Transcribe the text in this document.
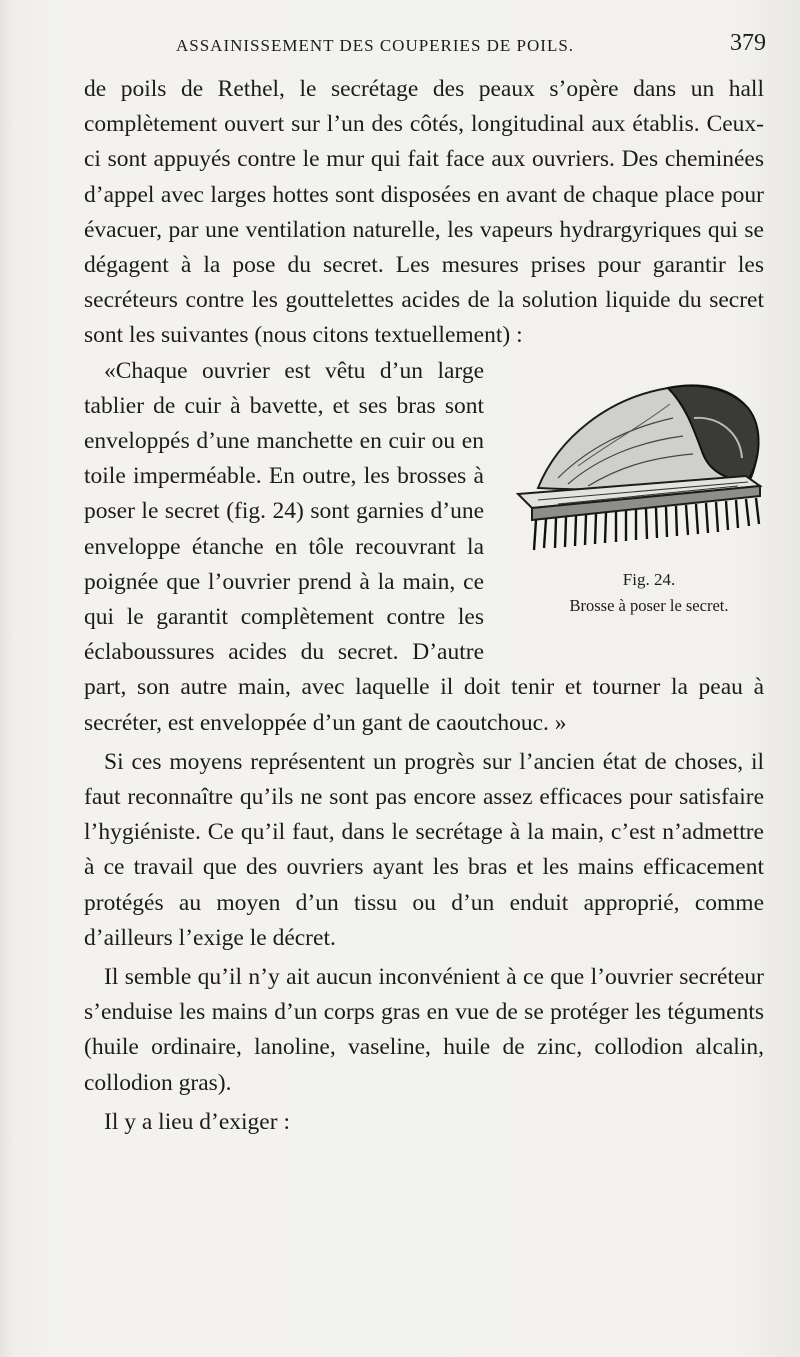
ASSAINISSEMENT DES COUPERIES DE POILS.	379

de poils de Rethel, le secrétage des peaux s’opère dans un hall complètement ouvert sur l’un des côtés, longitudinal aux établis. Ceux-ci sont appuyés contre le mur qui fait face aux ouvriers. Des cheminées d’appel avec larges hottes sont disposées en avant de chaque place pour évacuer, par une ventilation naturelle, les vapeurs hydrargyriques qui se dégagent à la pose du secret. Les mesures prises pour garantir les secréteurs contre les gouttelettes acides de la solution liquide du secret sont les suivantes (nous citons textuellement) :

Fig. 24.
Brosse à poser le secret.
«Chaque ouvrier est vêtu d’un large tablier de cuir à bavette, et ses bras sont enveloppés d’une manchette en cuir ou en toile imperméable. En outre, les brosses à poser le secret (fig. 24) sont garnies d’une enveloppe étanche en tôle recouvrant la poignée que l’ouvrier prend à la main, ce qui le garantit complètement contre les éclaboussures acides du secret. D’autre part, son autre main, avec laquelle il doit tenir et tourner la peau à secréter, est enveloppée d’un gant de caoutchouc. »

Si ces moyens représentent un progrès sur l’ancien état de choses, il faut reconnaître qu’ils ne sont pas encore assez efficaces pour satisfaire l’hygiéniste. Ce qu’il faut, dans le secrétage à la main, c’est n’admettre à ce travail que des ouvriers ayant les bras et les mains efficacement protégés au moyen d’un tissu ou d’un enduit approprié, comme d’ailleurs l’exige le décret.

Il semble qu’il n’y ait aucun inconvénient à ce que l’ouvrier secréteur s’enduise les mains d’un corps gras en vue de se protéger les téguments (huile ordinaire, lanoline, vaseline, huile de zinc, collodion alcalin, collodion gras).

Il y a lieu d’exiger :
